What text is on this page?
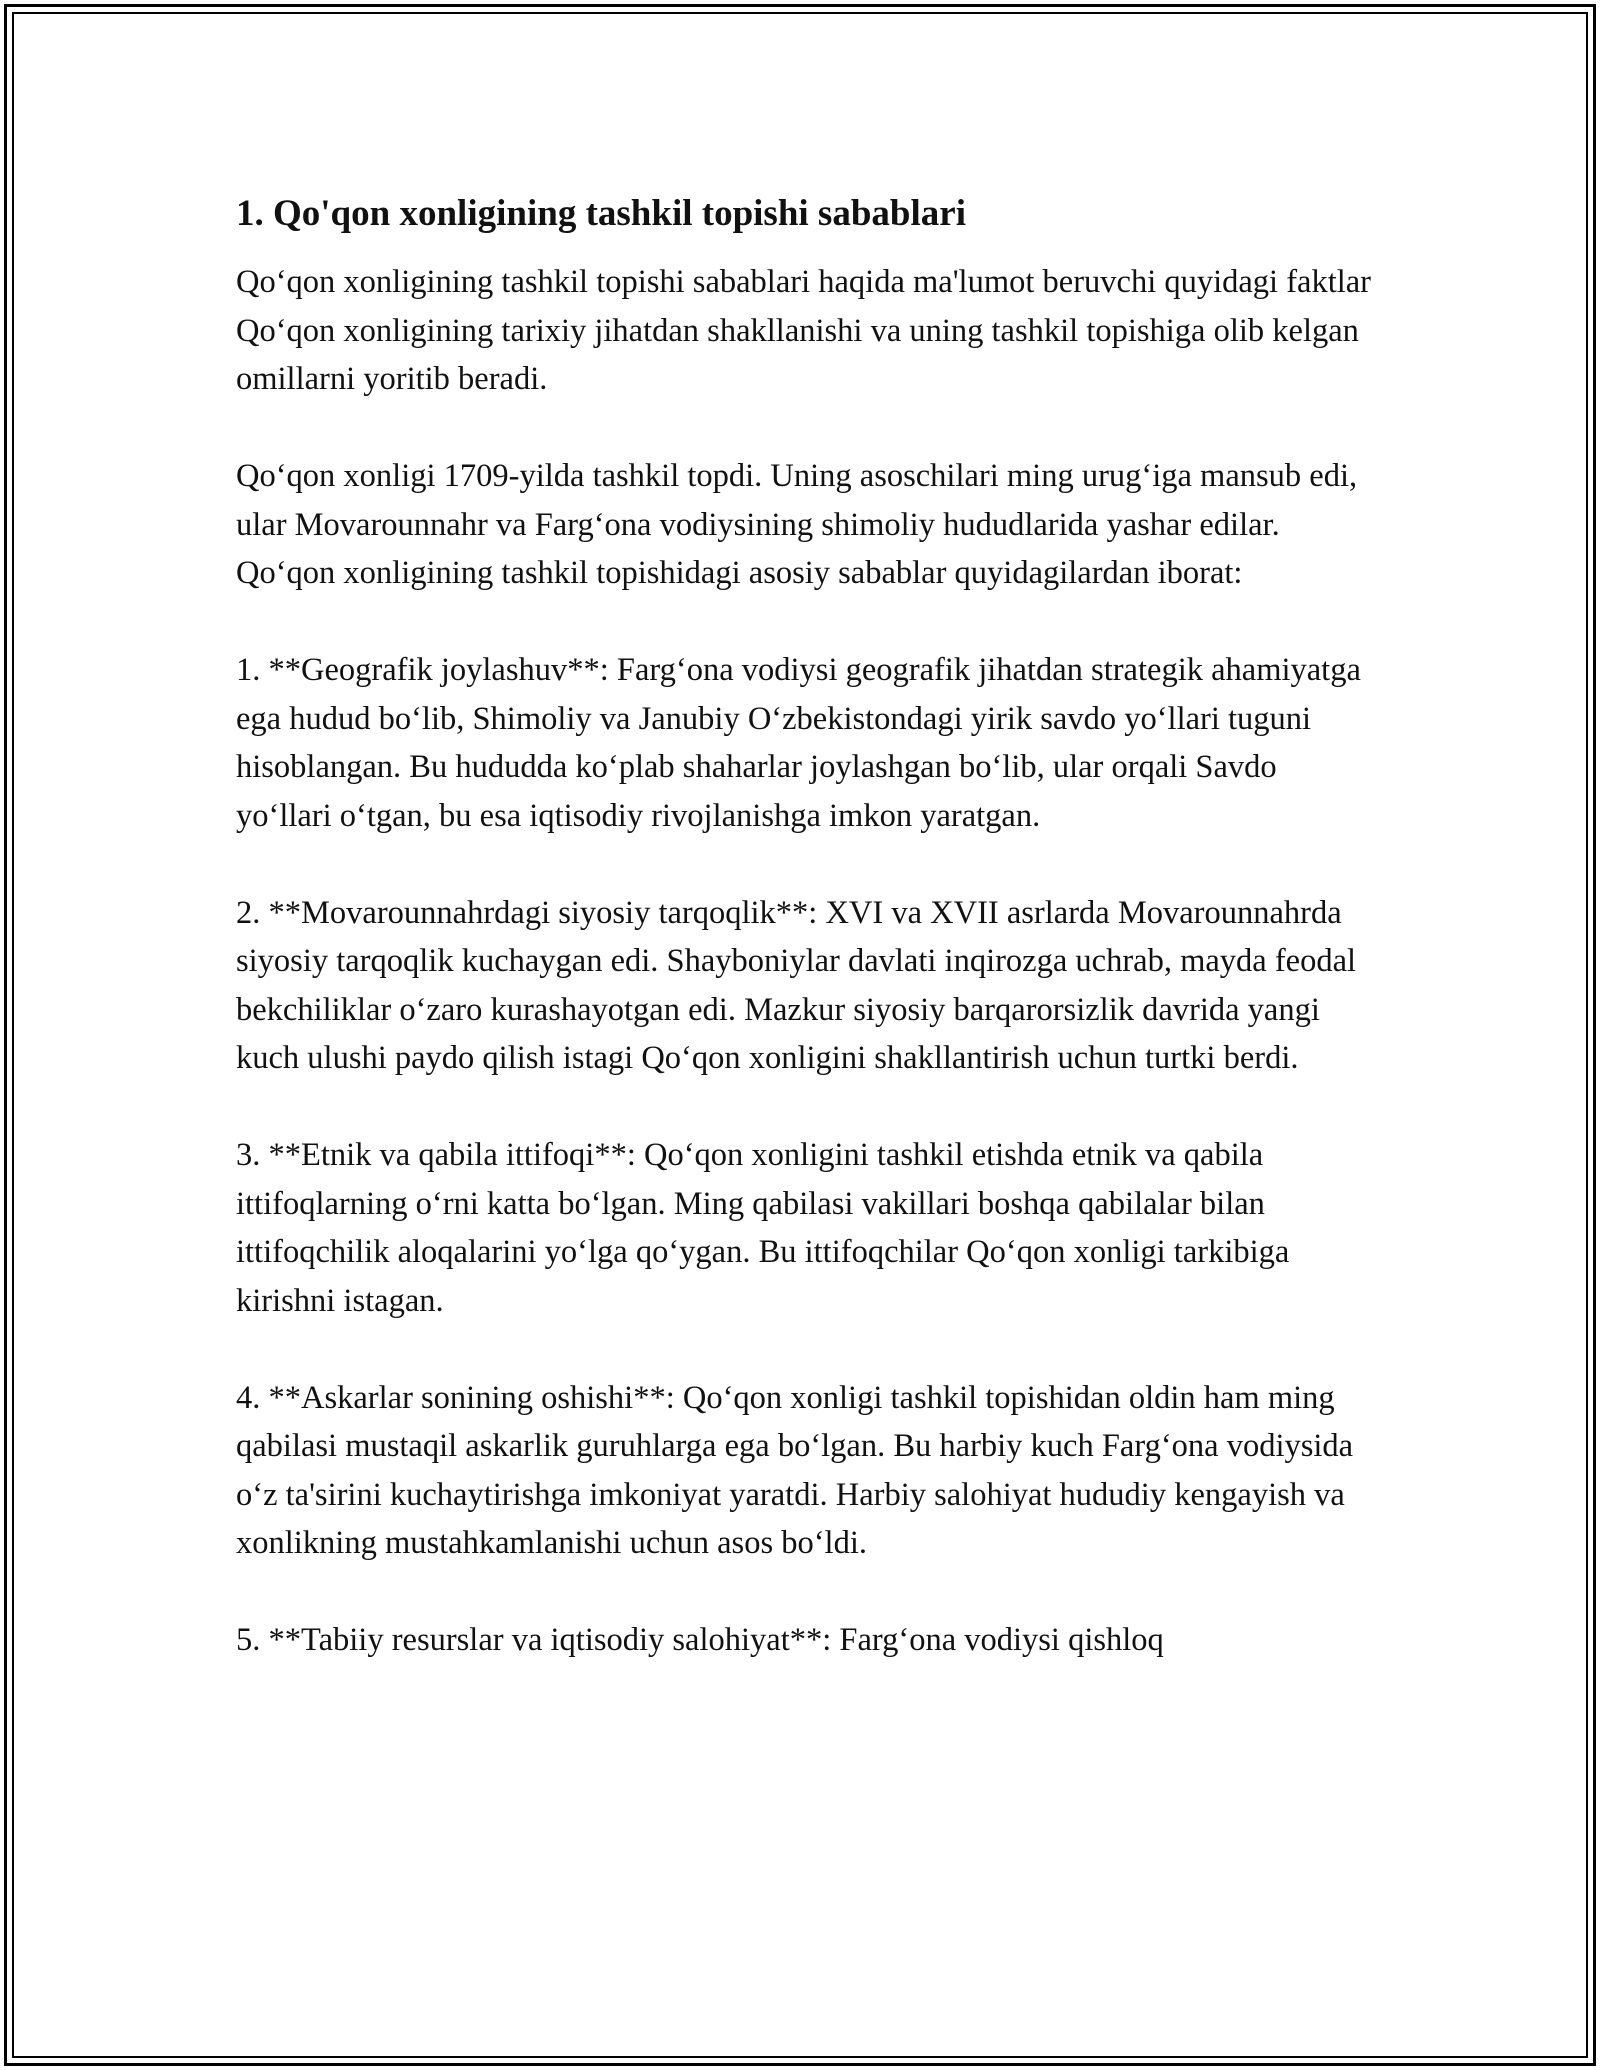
1. Qo'qon xonligining tashkil topishi sabablari

Qo‘qon xonligining tashkil topishi sabablari haqida ma'lumot beruvchi quyidagi faktlar Qo‘qon xonligining tarixiy jihatdan shakllanishi va uning tashkil topishiga olib kelgan omillarni yoritib beradi.

Qo‘qon xonligi 1709-yilda tashkil topdi. Uning asoschilari ming urug‘iga mansub edi, ular Movarounnahr va Farg‘ona vodiysining shimoliy hududlarida yashar edilar. Qo‘qon xonligining tashkil topishidagi asosiy sabablar quyidagilardan iborat:

1. **Geografik joylashuv**: Farg‘ona vodiysi geografik jihatdan strategik ahamiyatga ega hudud bo‘lib, Shimoliy va Janubiy O‘zbekistondagi yirik savdo yo‘llari tuguni hisoblangan. Bu hududda ko‘plab shaharlar joylashgan bo‘lib, ular orqali Savdo yo‘llari o‘tgan, bu esa iqtisodiy rivojlanishga imkon yaratgan.

2. **Movarounnahrdagi siyosiy tarqoqlik**: XVI va XVII asrlarda Movarounnahrda siyosiy tarqoqlik kuchaygan edi. Shayboniylar davlati inqirozga uchrab, mayda feodal bekchiliklar o‘zaro kurashayotgan edi. Mazkur siyosiy barqarorsizlik davrida yangi kuch ulushi paydo qilish istagi Qo‘qon xonligini shakllantirish uchun turtki berdi.

3. **Etnik va qabila ittifoqi**: Qo‘qon xonligini tashkil etishda etnik va qabila ittifoqlarning o‘rni katta bo‘lgan. Ming qabilasi vakillari boshqa qabilalar bilan ittifoqchilik aloqalarini yo‘lga qo‘ygan. Bu ittifoqchilar Qo‘qon xonligi tarkibiga kirishni istagan.

4. **Askarlar sonining oshishi**: Qo‘qon xonligi tashkil topishidan oldin ham ming qabilasi mustaqil askarlik guruhlarga ega bo‘lgan. Bu harbiy kuch Farg‘ona vodiysida o‘z ta'sirini kuchaytirishga imkoniyat yaratdi. Harbiy salohiyat hududiy kengayish va xonlikning mustahkamlanishi uchun asos bo‘ldi.

5. **Tabiiy resurslar va iqtisodiy salohiyat**: Farg‘ona vodiysi qishloq
